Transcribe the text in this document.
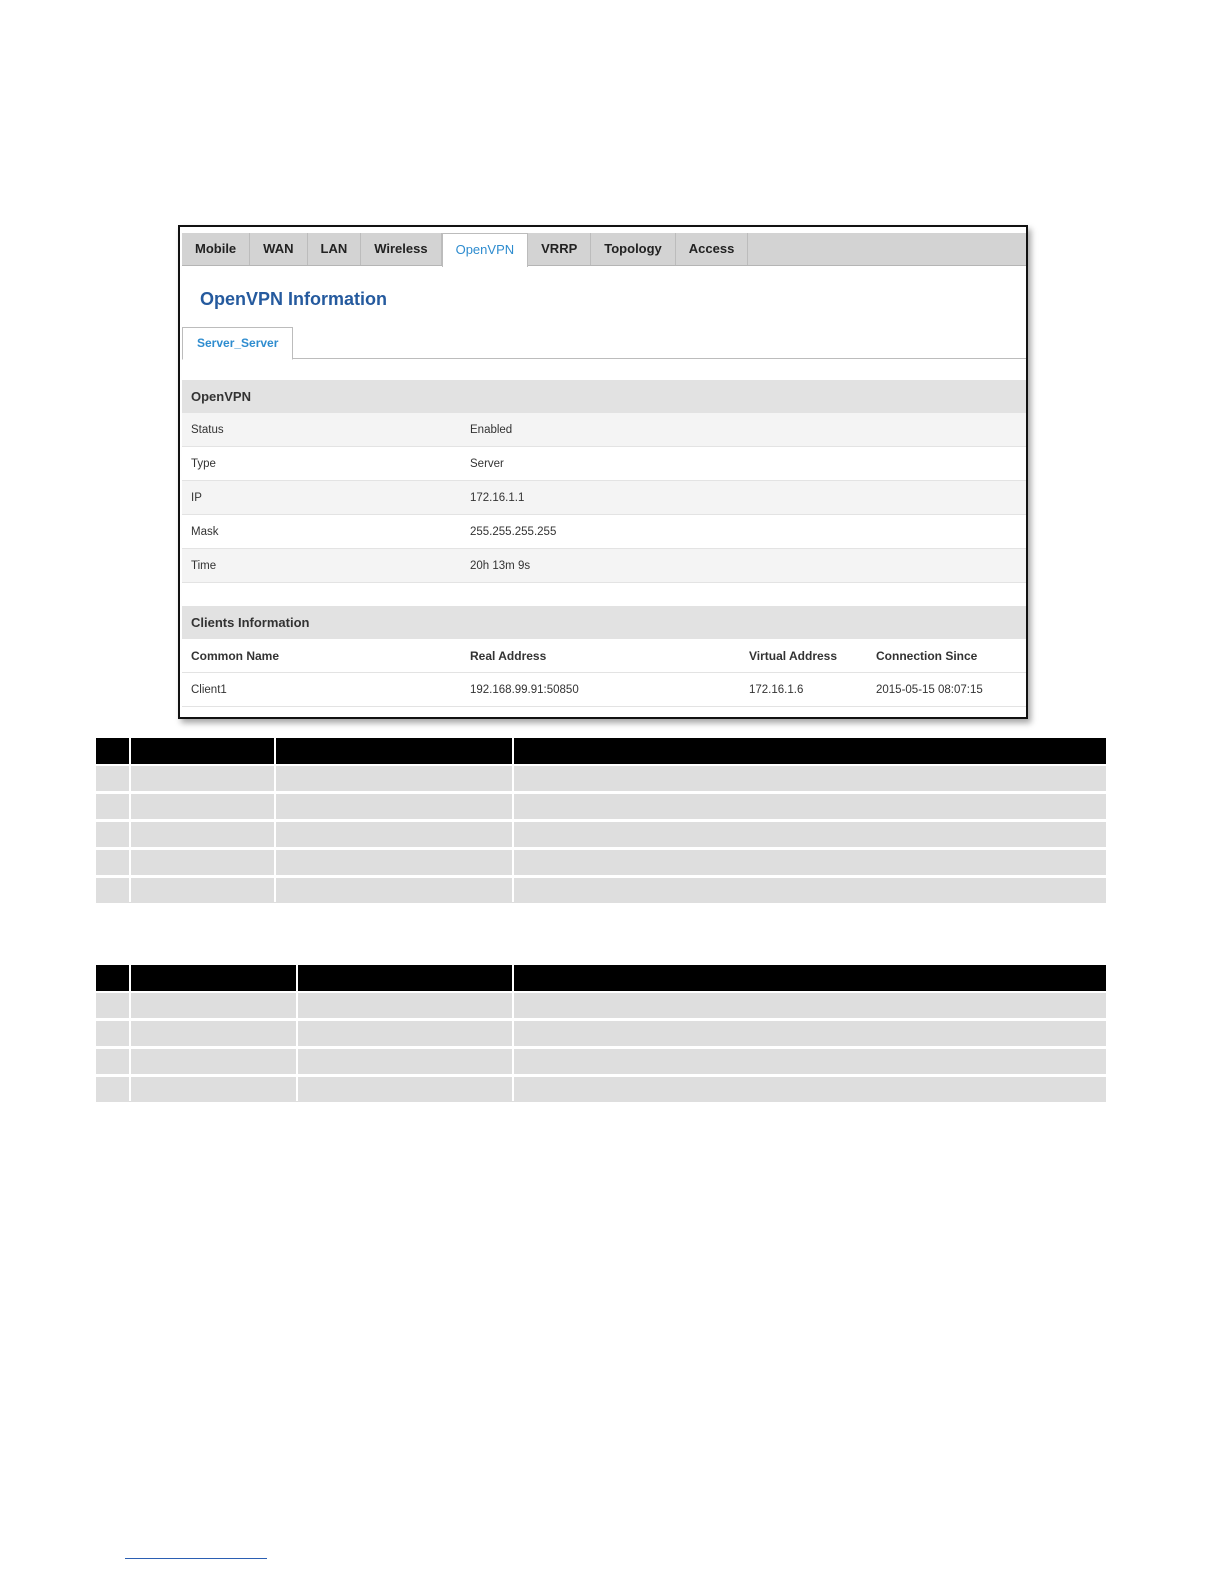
Mobile	WAN	LAN	Wireless	OpenVPN	VRRP	Topology	Access
OpenVPN Information
Server_Server
OpenVPN
Status	Enabled
Type	Server
IP	172.16.1.1
Mask	255.255.255.255
Time	20h 13m 9s
Clients Information
Common Name	Real Address	Virtual Address	Connection Since
Client1	192.168.99.91:50850	172.16.1.6	2015-05-15 08:07:15
